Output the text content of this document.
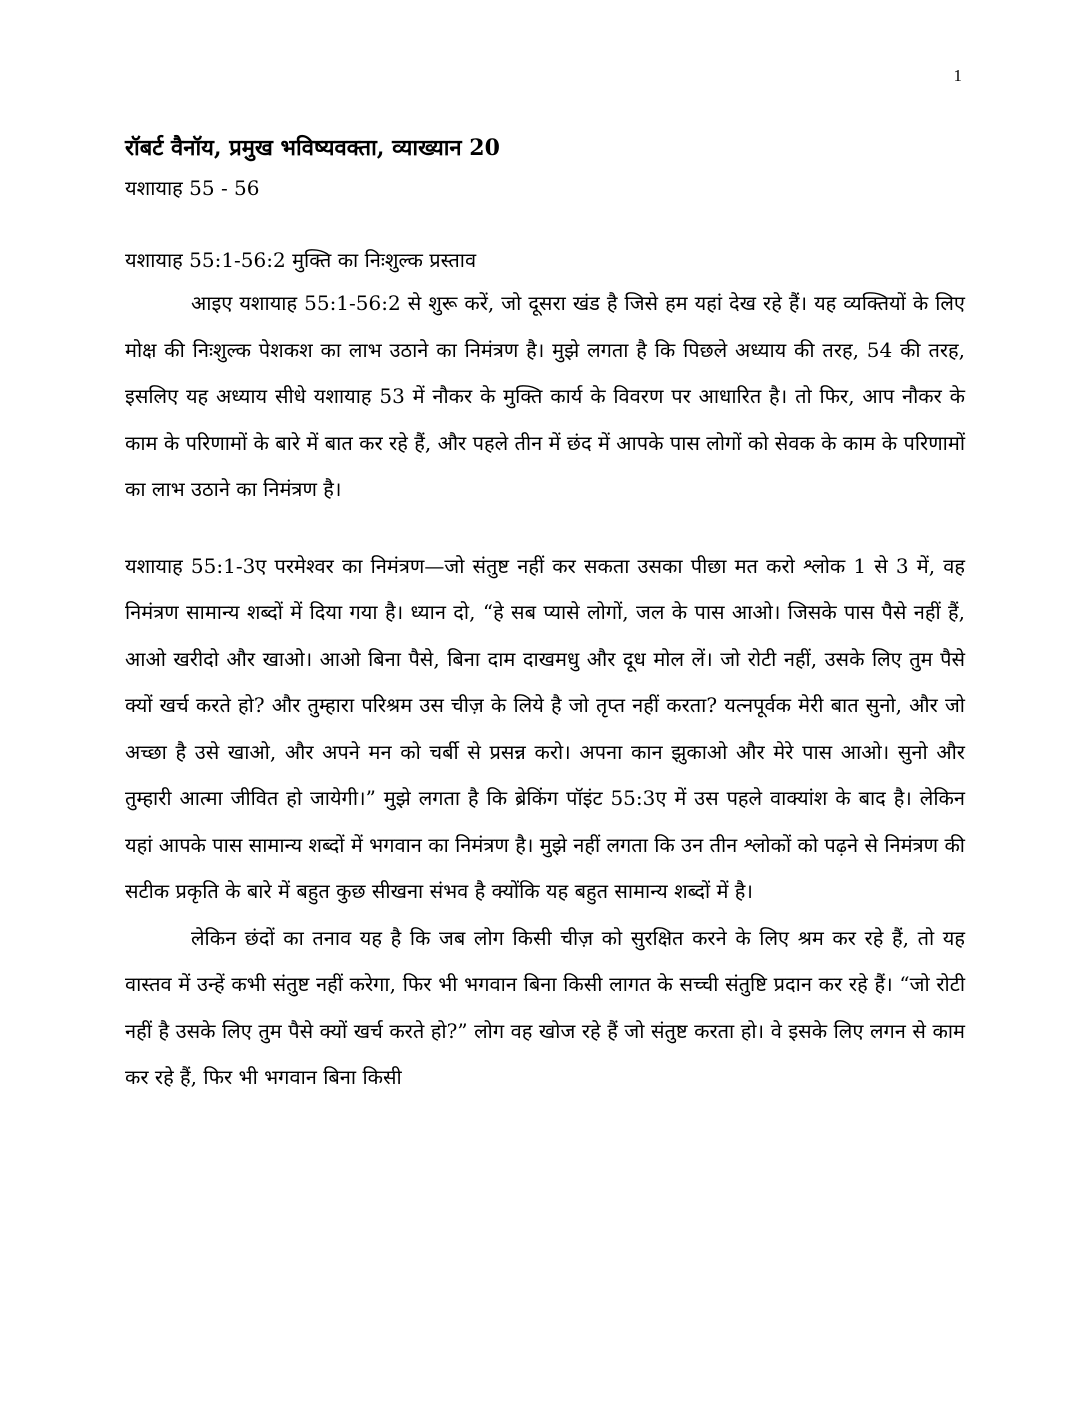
1
रॉबर्ट वैनॉय, प्रमुख भविष्यवक्ता, व्याख्यान 20
यशायाह 55 - 56
यशायाह 55:1-56:2 मुक्ति का निःशुल्क प्रस्ताव

आइए यशायाह 55:1-56:2 से शुरू करें, जो दूसरा खंड है जिसे हम यहां देख रहे हैं। यह व्यक्तियों के लिए मोक्ष की निःशुल्क पेशकश का लाभ उठाने का निमंत्रण है। मुझे लगता है कि पिछले अध्याय की तरह, 54 की तरह, इसलिए यह अध्याय सीधे यशायाह 53 में नौकर के मुक्ति कार्य के विवरण पर आधारित है। तो फिर, आप नौकर के काम के परिणामों के बारे में बात कर रहे हैं, और पहले तीन में छंद में आपके पास लोगों को सेवक के काम के परिणामों का लाभ उठाने का निमंत्रण है।

यशायाह 55:1-3ए परमेश्वर का निमंत्रण—जो संतुष्ट नहीं कर सकता उसका पीछा मत करो श्लोक 1 से 3 में, वह निमंत्रण सामान्य शब्दों में दिया गया है। ध्यान दो, “हे सब प्यासे लोगों, जल के पास आओ। जिसके पास पैसे नहीं हैं, आओ खरीदो और खाओ। आओ बिना पैसे, बिना दाम दाखमधु और दूध मोल लें। जो रोटी नहीं, उसके लिए तुम पैसे क्यों खर्च करते हो? और तुम्हारा परिश्रम उस चीज़ के लिये है जो तृप्त नहीं करता? यत्नपूर्वक मेरी बात सुनो, और जो अच्छा है उसे खाओ, और अपने मन को चर्बी से प्रसन्न करो। अपना कान झुकाओ और मेरे पास आओ। सुनो और तुम्हारी आत्मा जीवित हो जायेगी।” मुझे लगता है कि ब्रेकिंग पॉइंट 55:3ए में उस पहले वाक्यांश के बाद है। लेकिन यहां आपके पास सामान्य शब्दों में भगवान का निमंत्रण है। मुझे नहीं लगता कि उन तीन श्लोकों को पढ़ने से निमंत्रण की सटीक प्रकृति के बारे में बहुत कुछ सीखना संभव है क्योंकि यह बहुत सामान्य शब्दों में है।

लेकिन छंदों का तनाव यह है कि जब लोग किसी चीज़ को सुरक्षित करने के लिए श्रम कर रहे हैं, तो यह वास्तव में उन्हें कभी संतुष्ट नहीं करेगा, फिर भी भगवान बिना किसी लागत के सच्ची संतुष्टि प्रदान कर रहे हैं। “जो रोटी नहीं है उसके लिए तुम पैसे क्यों खर्च करते हो?” लोग वह खोज रहे हैं जो संतुष्ट करता हो। वे इसके लिए लगन से काम कर रहे हैं, फिर भी भगवान बिना किसी
